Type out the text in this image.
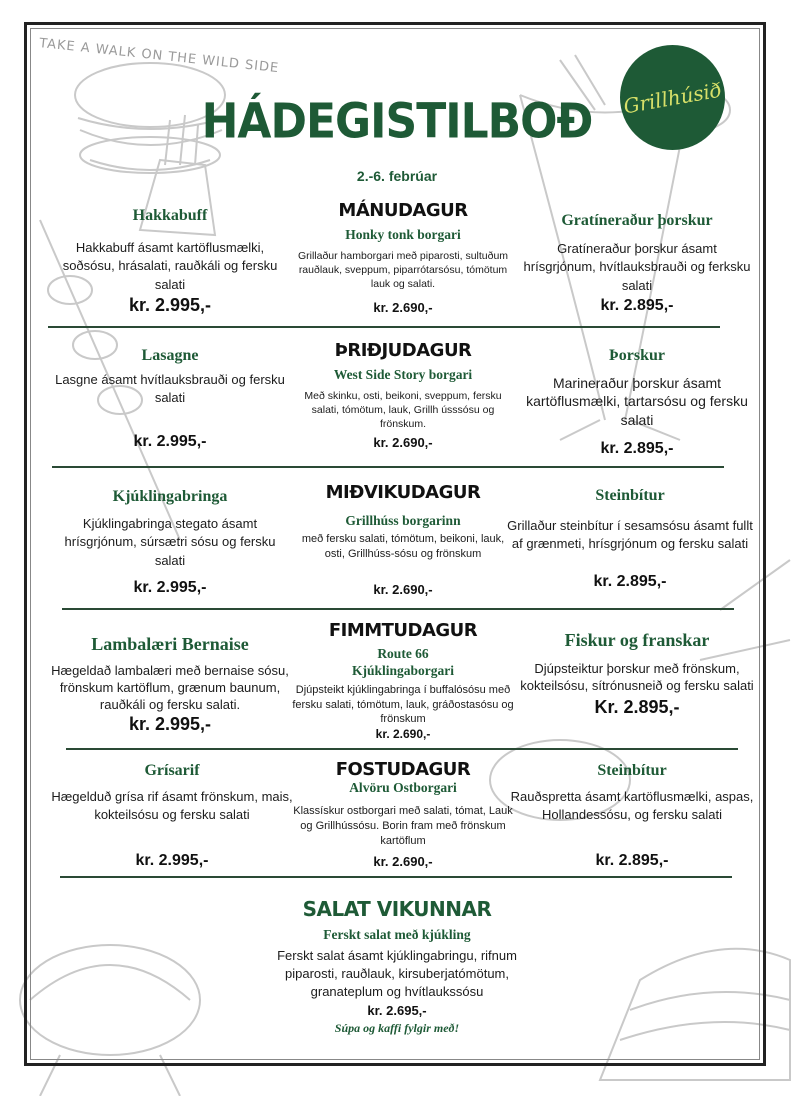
TAKE A WALK ON THE WILD SIDE
Grillhúsið
HÁDEGISTILBOÐ
2.-6. febrúar
Hakkabuff
Hakkabuff ásamt kartöflusmælki, soðsósu, hrásalati, rauðkáli og fersku salati
kr. 2.995,-
MÁNUDAGUR
Honky tonk borgari
Grillaður hamborgari með piparosti, sultuðum rauðlauk, sveppum, piparrótarsósu, tómötum lauk og salati.
kr. 2.690,-
Gratíneraður þorskur
Gratíneraður þorskur ásamt hrísgrjónum, hvítlauksbrauði og ferksku salati
kr. 2.895,-
Lasagne
Lasgne ásamt hvítlauksbrauði og fersku salati
kr. 2.995,-
ÞRIÐJUDAGUR
West Side Story borgari
Með skinku, osti, beikoni, sveppum, fersku salati, tómötum, lauk, Grillh ússsósu og frönskum.
kr. 2.690,-
Þorskur
Marineraður þorskur ásamt kartöflusmælki, tartarsósu og fersku salati
kr. 2.895,-
Kjúklingabringa
Kjúklingabringa stegato ásamt hrísgrjónum, súrsætri sósu og fersku salati
kr. 2.995,-
MIÐVIKUDAGUR
Grillhúss borgarinn
með fersku salati, tómötum, beikoni, lauk, osti, Grillhúss-sósu og frönskum
kr. 2.690,-
Steinbítur
Grillaður steinbítur í sesamsósu ásamt fullt af grænmeti, hrísgrjónum og fersku salati
kr. 2.895,-
Lambalæri Bernaise
Hægeldað lambalæri með bernaise sósu, frönskum kartöflum, grænum baunum, rauðkáli og fersku salati.
kr. 2.995,-
FIMMTUDAGUR
Route 66
Kjúklingaborgari
Djúpsteikt kjúklingabringa í buffalósósu með fersku salati, tómötum, lauk, gráðostasósu og frönskum
kr. 2.690,-
Fiskur og franskar
Djúpsteiktur þorskur með frönskum, kokteilsósu, sítrónusneið og fersku salati
Kr. 2.895,-
Grísarif
Hægelduð grísa rif ásamt frönskum, mais, kokteilsósu og fersku salati
kr. 2.995,-
FOSTUDAGUR
Alvöru Ostborgari
Klassískur ostborgari með salati, tómat, Lauk og Grillhússósu. Borin fram með frönskum kartöflum
kr. 2.690,-
Steinbítur
Rauðspretta ásamt kartöflusmælki, aspas, Hollandessósu, og fersku salati
kr. 2.895,-
SALAT VIKUNNAR
Ferskt salat með kjúkling
Ferskt salat ásamt kjúklingabringu, rifnum piparosti, rauðlauk, kirsuberjatómötum, granateplum og hvítlaukssósu
kr. 2.695,-
Súpa og kaffi fylgir með!
